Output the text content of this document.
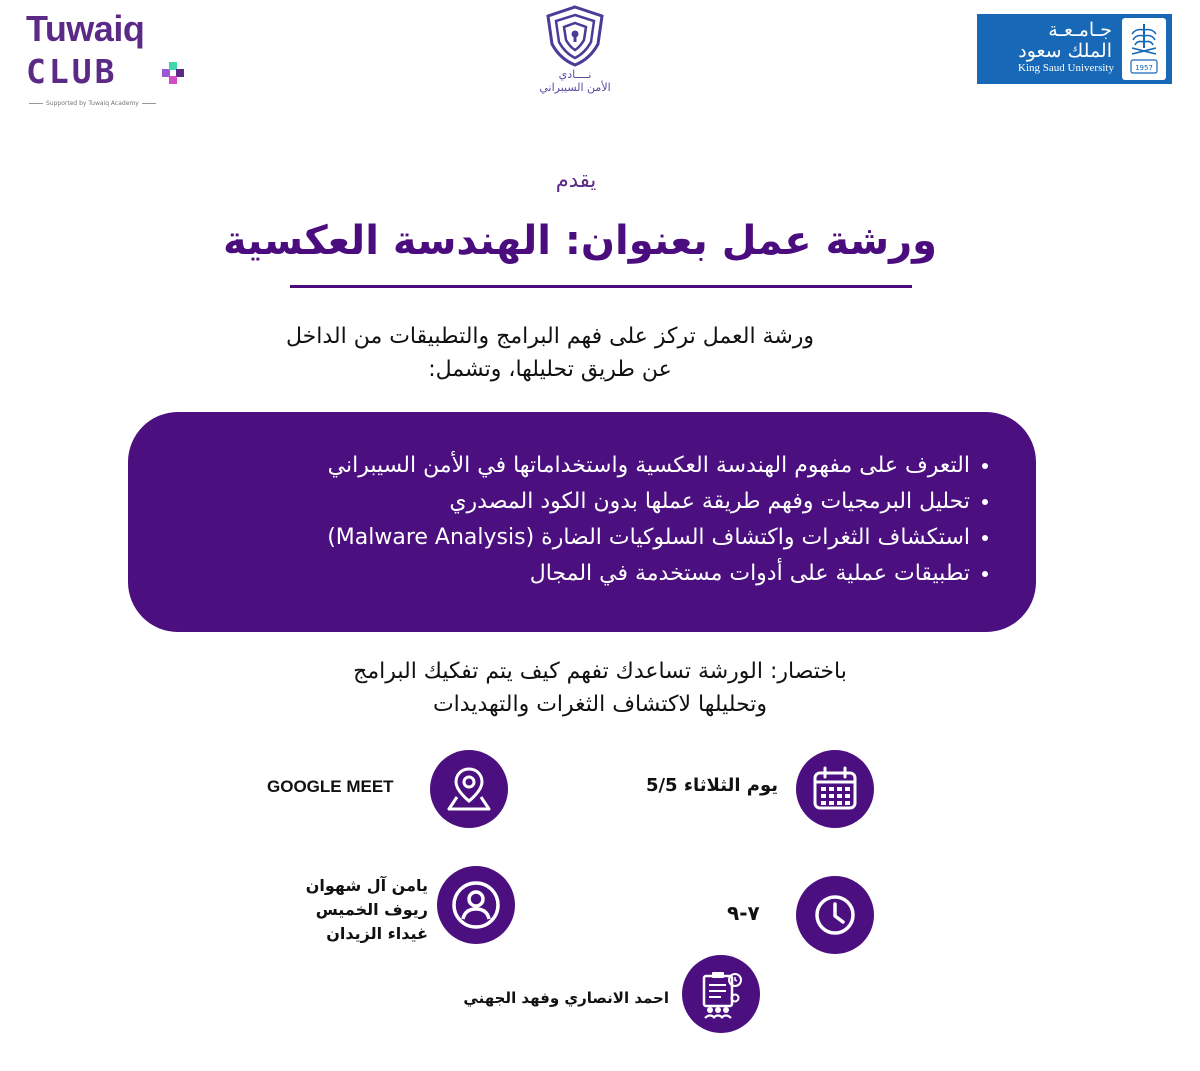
Tuwaiq
CLUB
Supported by Tuwaiq Academy
نــــادي
الأمن السيبراني
جـامـعـة
الملك سعود
King Saud University	1957
يقدم
ورشة عمل بعنوان: الهندسة العكسية
ورشة العمل تركز على فهم البرامج والتطبيقات من الداخل
عن طريق تحليلها، وتشمل:
التعرف على مفهوم الهندسة العكسية واستخداماتها في الأمن السيبراني
تحليل البرمجيات وفهم طريقة عملها بدون الكود المصدري
استكشاف الثغرات واكتشاف السلوكيات الضارة (Malware Analysis)
تطبيقات عملية على أدوات مستخدمة في المجال
باختصار: الورشة تساعدك تفهم كيف يتم تفكيك البرامج
وتحليلها لاكتشاف الثغرات والتهديدات
يوم الثلاثاء 5/5
GOOGLE MEET
٧-٩
يامن آل شهوان
ريوف الخميس
غيداء الزيدان
احمد الانصاري وفهد الجهني
